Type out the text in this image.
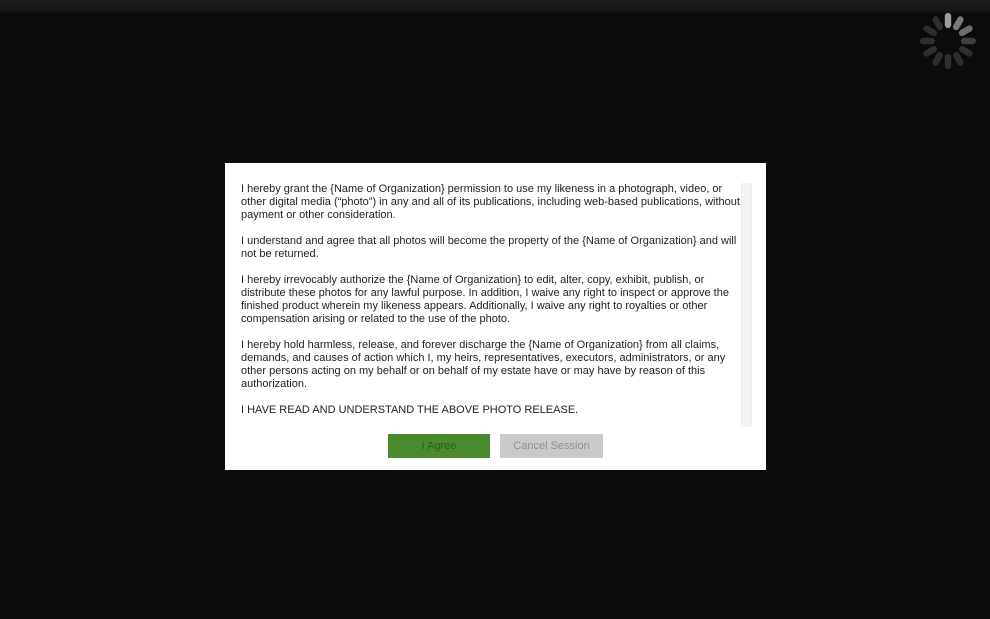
I hereby grant the {Name of Organization} permission to use my likeness in a photograph, video, or other digital media (“photo”) in any and all of its publications, including web-based publications, without payment or other consideration.

I understand and agree that all photos will become the property of the {Name of Organization} and will not be returned.

I hereby irrevocably authorize the {Name of Organization} to edit, alter, copy, exhibit, publish, or distribute these photos for any lawful purpose. In addition, I waive any right to inspect or approve the finished product wherein my likeness appears. Additionally, I waive any right to royalties or other compensation arising or related to the use of the photo.

I hereby hold harmless, release, and forever discharge the {Name of Organization} from all claims, demands, and causes of action which I, my heirs, representatives, executors, administrators, or any other persons acting on my behalf or on behalf of my estate have or may have by reason of this authorization.

I HAVE READ AND UNDERSTAND THE ABOVE PHOTO RELEASE.

I Agree	Cancel Session
